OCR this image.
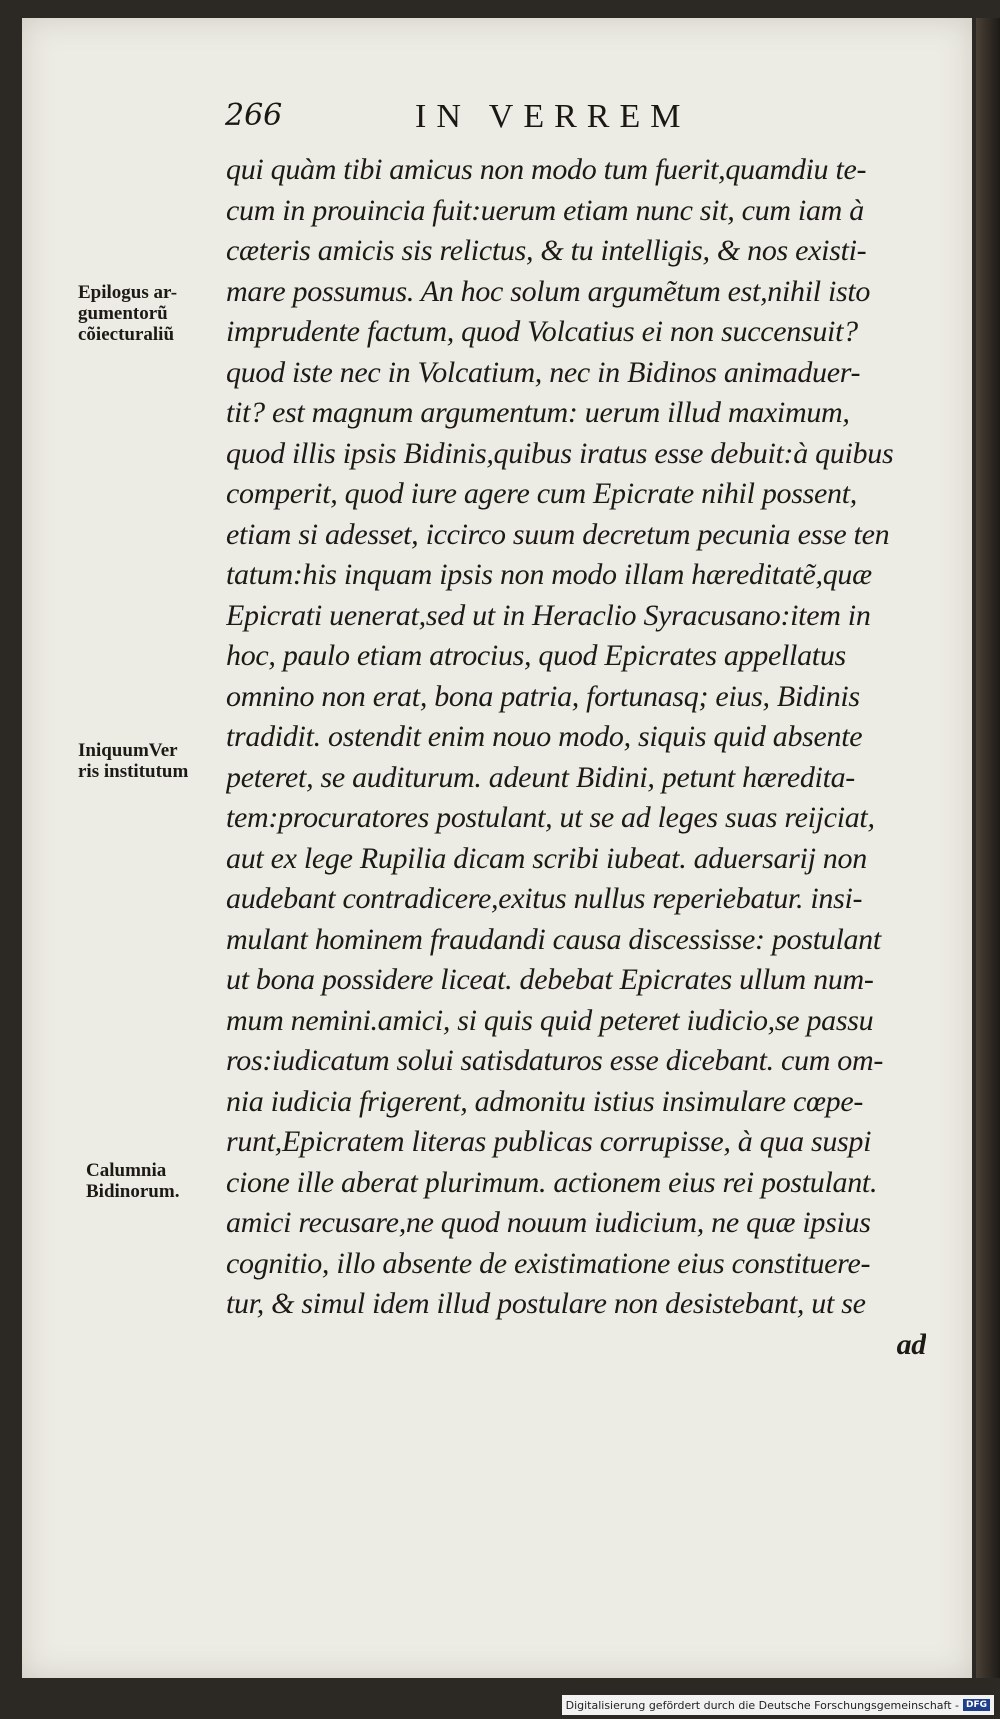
266	IN VERREM
qui quàm tibi amicus non modo tum fuerit,quamdiu te-
cum in prouincia fuit:uerum etiam nunc sit, cum iam à
cæteris amicis sis relictus, & tu intelligis, & nos existi-
mare possumus. An hoc solum argumẽtum est,nihil isto
imprudente factum, quod Volcatius ei non succensuit?
quod iste nec in Volcatium, nec in Bidinos animaduer-
tit? est magnum argumentum: uerum illud maximum,
quod illis ipsis Bidinis,quibus iratus esse debuit:à quibus
comperit, quod iure agere cum Epicrate nihil possent,
etiam si adesset, iccirco suum decretum pecunia esse ten
tatum:his inquam ipsis non modo illam hæreditatẽ,quæ
Epicrati uenerat,sed ut in Heraclio Syracusano:item in
hoc, paulo etiam atrocius, quod Epicrates appellatus
omnino non erat, bona patria, fortunasq; eius, Bidinis
tradidit. ostendit enim nouo modo, siquis quid absente
peteret, se auditurum. adeunt Bidini, petunt hæredita-
tem:procuratores postulant, ut se ad leges suas reijciat,
aut ex lege Rupilia dicam scribi iubeat. aduersarij non
audebant contradicere,exitus nullus reperiebatur. insi-
mulant hominem fraudandi causa discessisse: postulant
ut bona possidere liceat. debebat Epicrates ullum num-
mum nemini.amici, si quis quid peteret iudicio,se passu
ros:iudicatum solui satisdaturos esse dicebant. cum om-
nia iudicia frigerent, admonitu istius insimulare cœpe-
runt,Epicratem literas publicas corrupisse, à qua suspi
cione ille aberat plurimum. actionem eius rei postulant.
amici recusare,ne quod nouum iudicium, ne quæ ipsius
cognitio, illo absente de existimatione eius constituere-
tur, & simul idem illud postulare non desistebant, ut se
ad
Epilogus ar-
gumentorũ
cõiecturaliũ
IniquumVer
ris institutum
Calumnia
Bidinorum.
Digitalisierung gefördert durch die Deutsche Forschungsgemeinschaft - DFG
